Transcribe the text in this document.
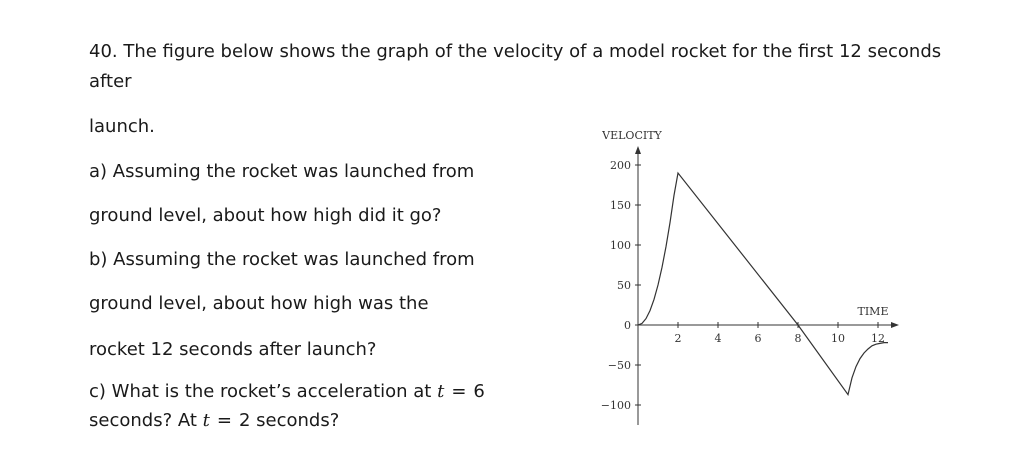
40. The figure below shows the graph of the velocity of a model rocket for the first 12 seconds
after
launch.
a) Assuming the rocket was launched from
ground level, about how high did it go?
b) Assuming the rocket was launched from
ground level, about how high was the
rocket 12 seconds after launch?
c) What is the rocket’s acceleration at t = 6
seconds? At t = 2 seconds?
TIME
VELOCITY
2	4	6	8	10 12
200
150
100
50
0
−50
−100
